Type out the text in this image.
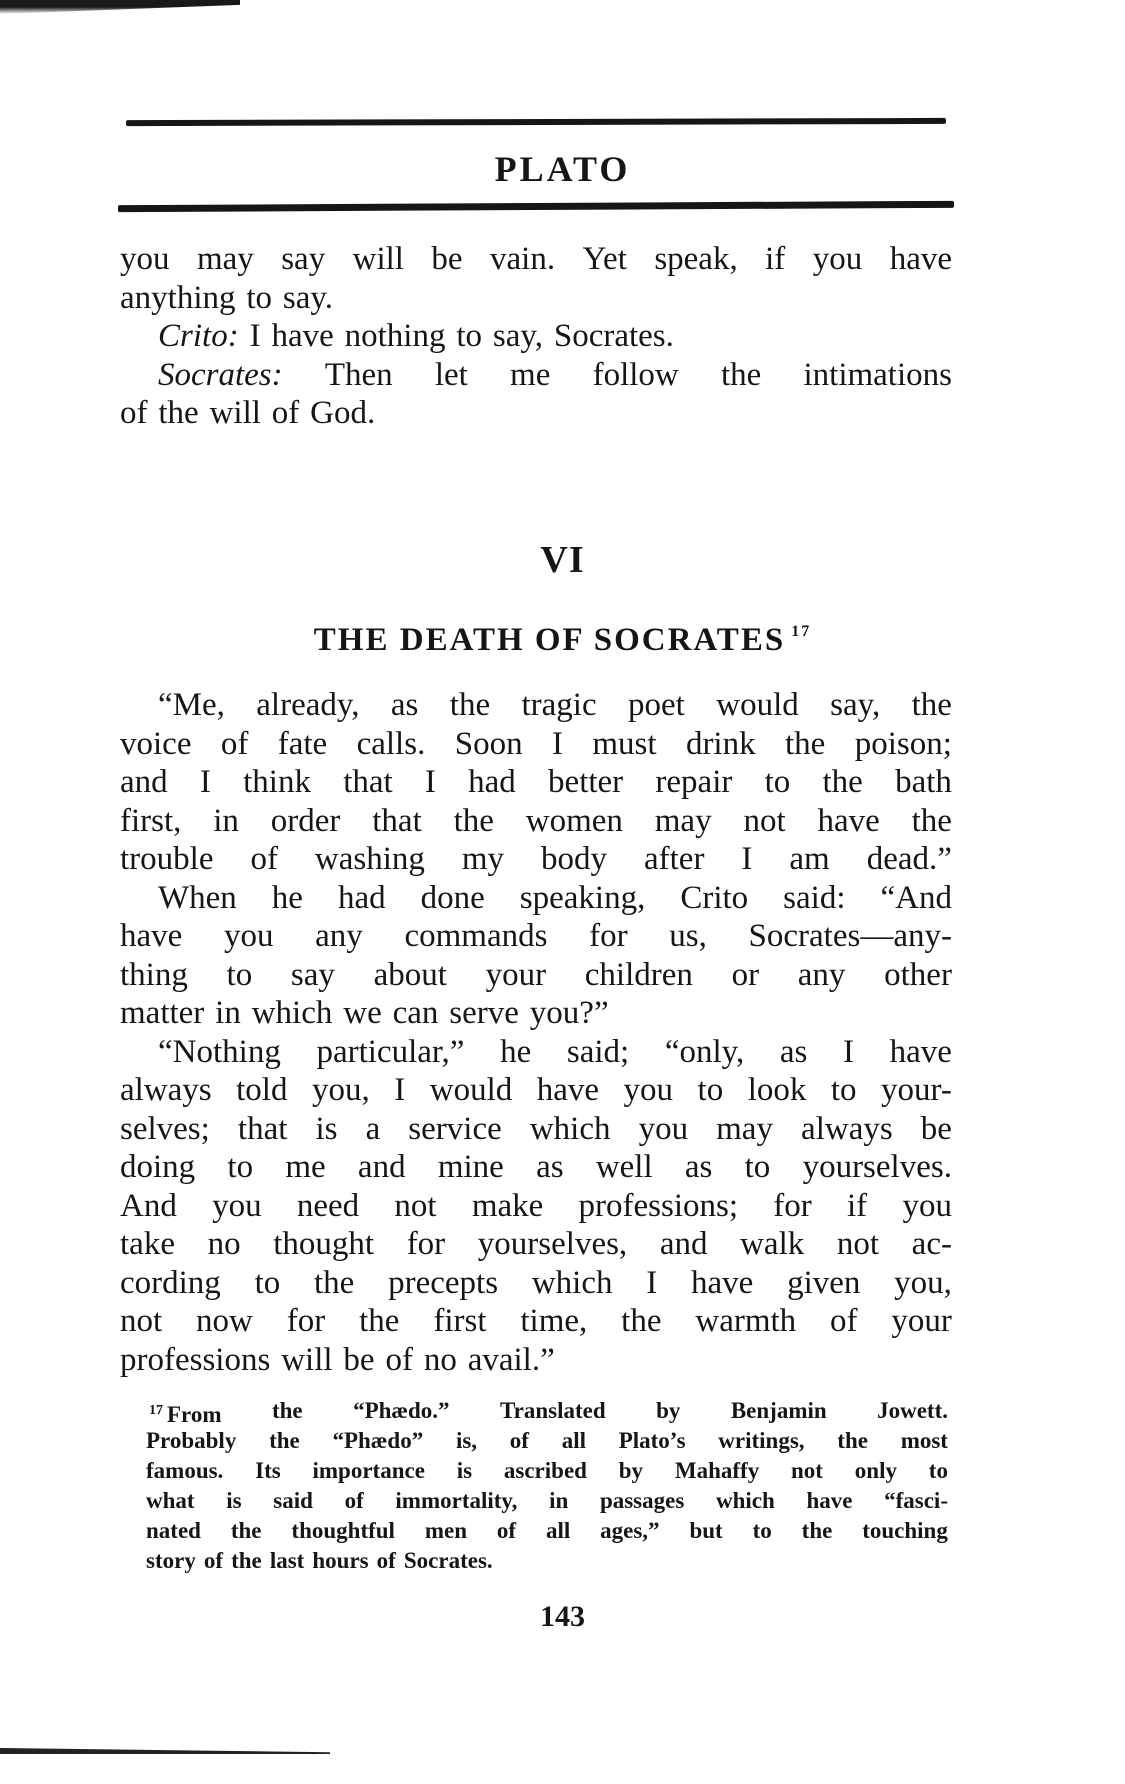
PLATO
you may say will be vain. Yet speak, if you have
anything to say.
Crito: I have nothing to say, Socrates.
Socrates: Then let me follow the intimations
of the will of God.
VI
THE DEATH OF SOCRATES $^{17}$
“Me, already, as the tragic poet would say, the
voice of fate calls. Soon I must drink the poison;
and I think that I had better repair to the bath
first, in order that the women may not have the
trouble of washing my body after I am dead.”
When he had done speaking, Crito said: “And
have you any commands for us, Socrates—any-
thing to say about your children or any other
matter in which we can serve you?”
“Nothing particular,” he said; “only, as I have
always told you, I would have you to look to your-
selves; that is a service which you may always be
doing to me and mine as well as to yourselves.
And you need not make professions; for if you
take no thought for yourselves, and walk not ac-
cording to the precepts which I have given you,
not now for the first time, the warmth of your
professions will be of no avail.”
$^{17}$ From the “Phædo.” Translated by Benjamin Jowett.
Probably the “Phædo” is, of all Plato’s writings, the most
famous. Its importance is ascribed by Mahaffy not only to
what is said of immortality, in passages which have “fasci-
nated the thoughtful men of all ages,” but to the touching
story of the last hours of Socrates.
143
